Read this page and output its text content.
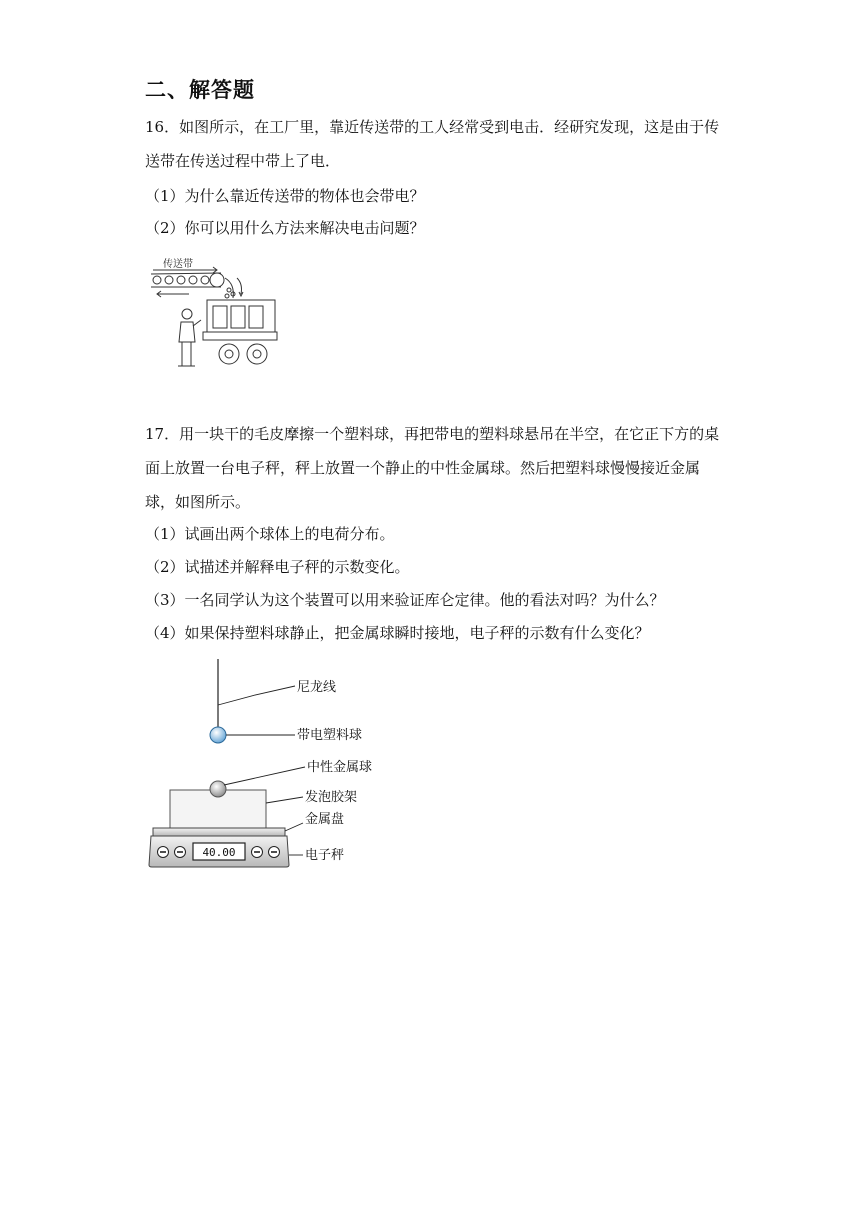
二、解答题
16．如图所示，在工厂里，靠近传送带的工人经常受到电击．经研究发现，这是由于传送带在传送过程中带上了电．
（1）为什么靠近传送带的物体也会带电？
（2）你可以用什么方法来解决电击问题？
传送带
17．用一块干的毛皮摩擦一个塑料球，再把带电的塑料球悬吊在半空，在它正下方的桌面上放置一台电子秤，秤上放置一个静止的中性金属球。然后把塑料球慢慢接近金属球，如图所示。
（1）试画出两个球体上的电荷分布。
（2）试描述并解释电子秤的示数变化。
（3）一名同学认为这个装置可以用来验证库仑定律。他的看法对吗？为什么？
（4）如果保持塑料球静止，把金属球瞬时接地，电子秤的示数有什么变化？
40.00
尼龙线
带电塑料球
中性金属球
发泡胶架
金属盘
电子秤
